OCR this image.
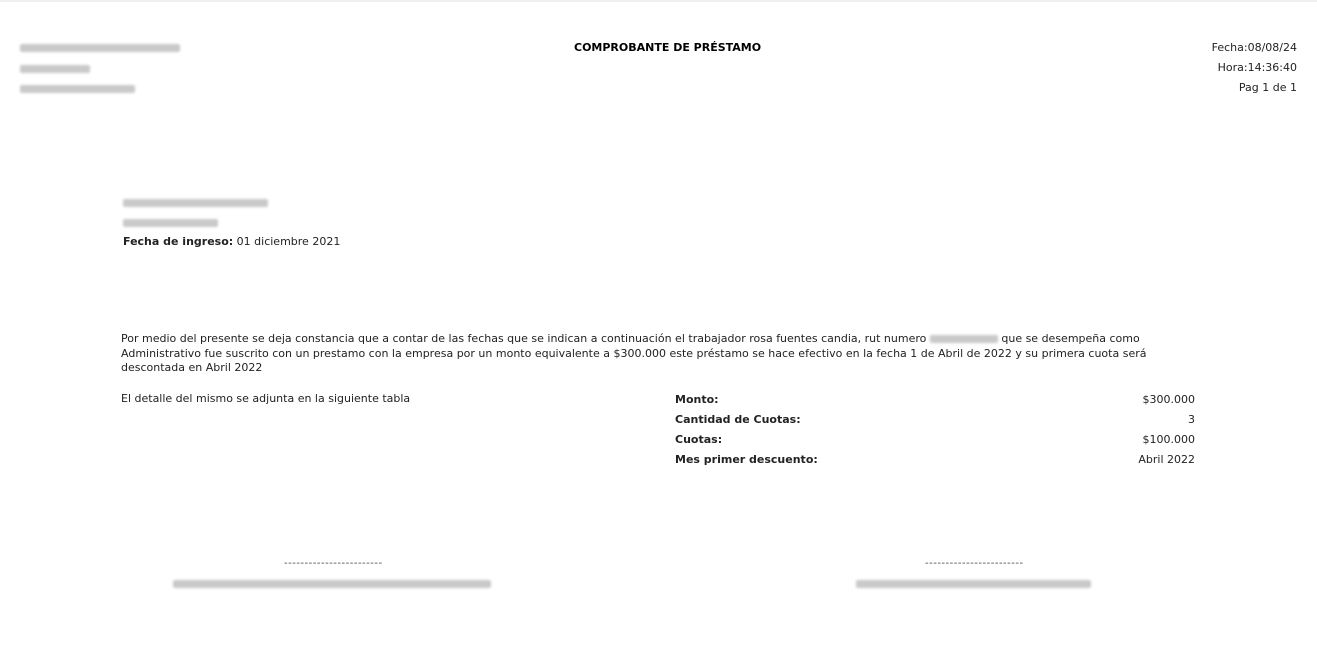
COMPROBANTE DE PRÉSTAMO	Fecha:08/08/24
Hora:14:36:40
Pag 1 de 1
Fecha de ingreso: 01 diciembre 2021
Por medio del presente se deja constancia que a contar de las fechas que se indican a continuación el trabajador rosa fuentes candia, rut numero	que se desempeña como Administrativo fue suscrito con un prestamo con la empresa por un monto equivalente a $300.000 este préstamo se hace efectivo en la fecha 1 de Abril de 2022 y su primera cuota será descontada en Abril 2022
El detalle del mismo se adjunta en la siguiente tabla	Monto:	$300.000
Cantidad de Cuotas:	3
Cuotas:	$100.000
Mes primer descuento:	Abril 2022
------------------------	------------------------
